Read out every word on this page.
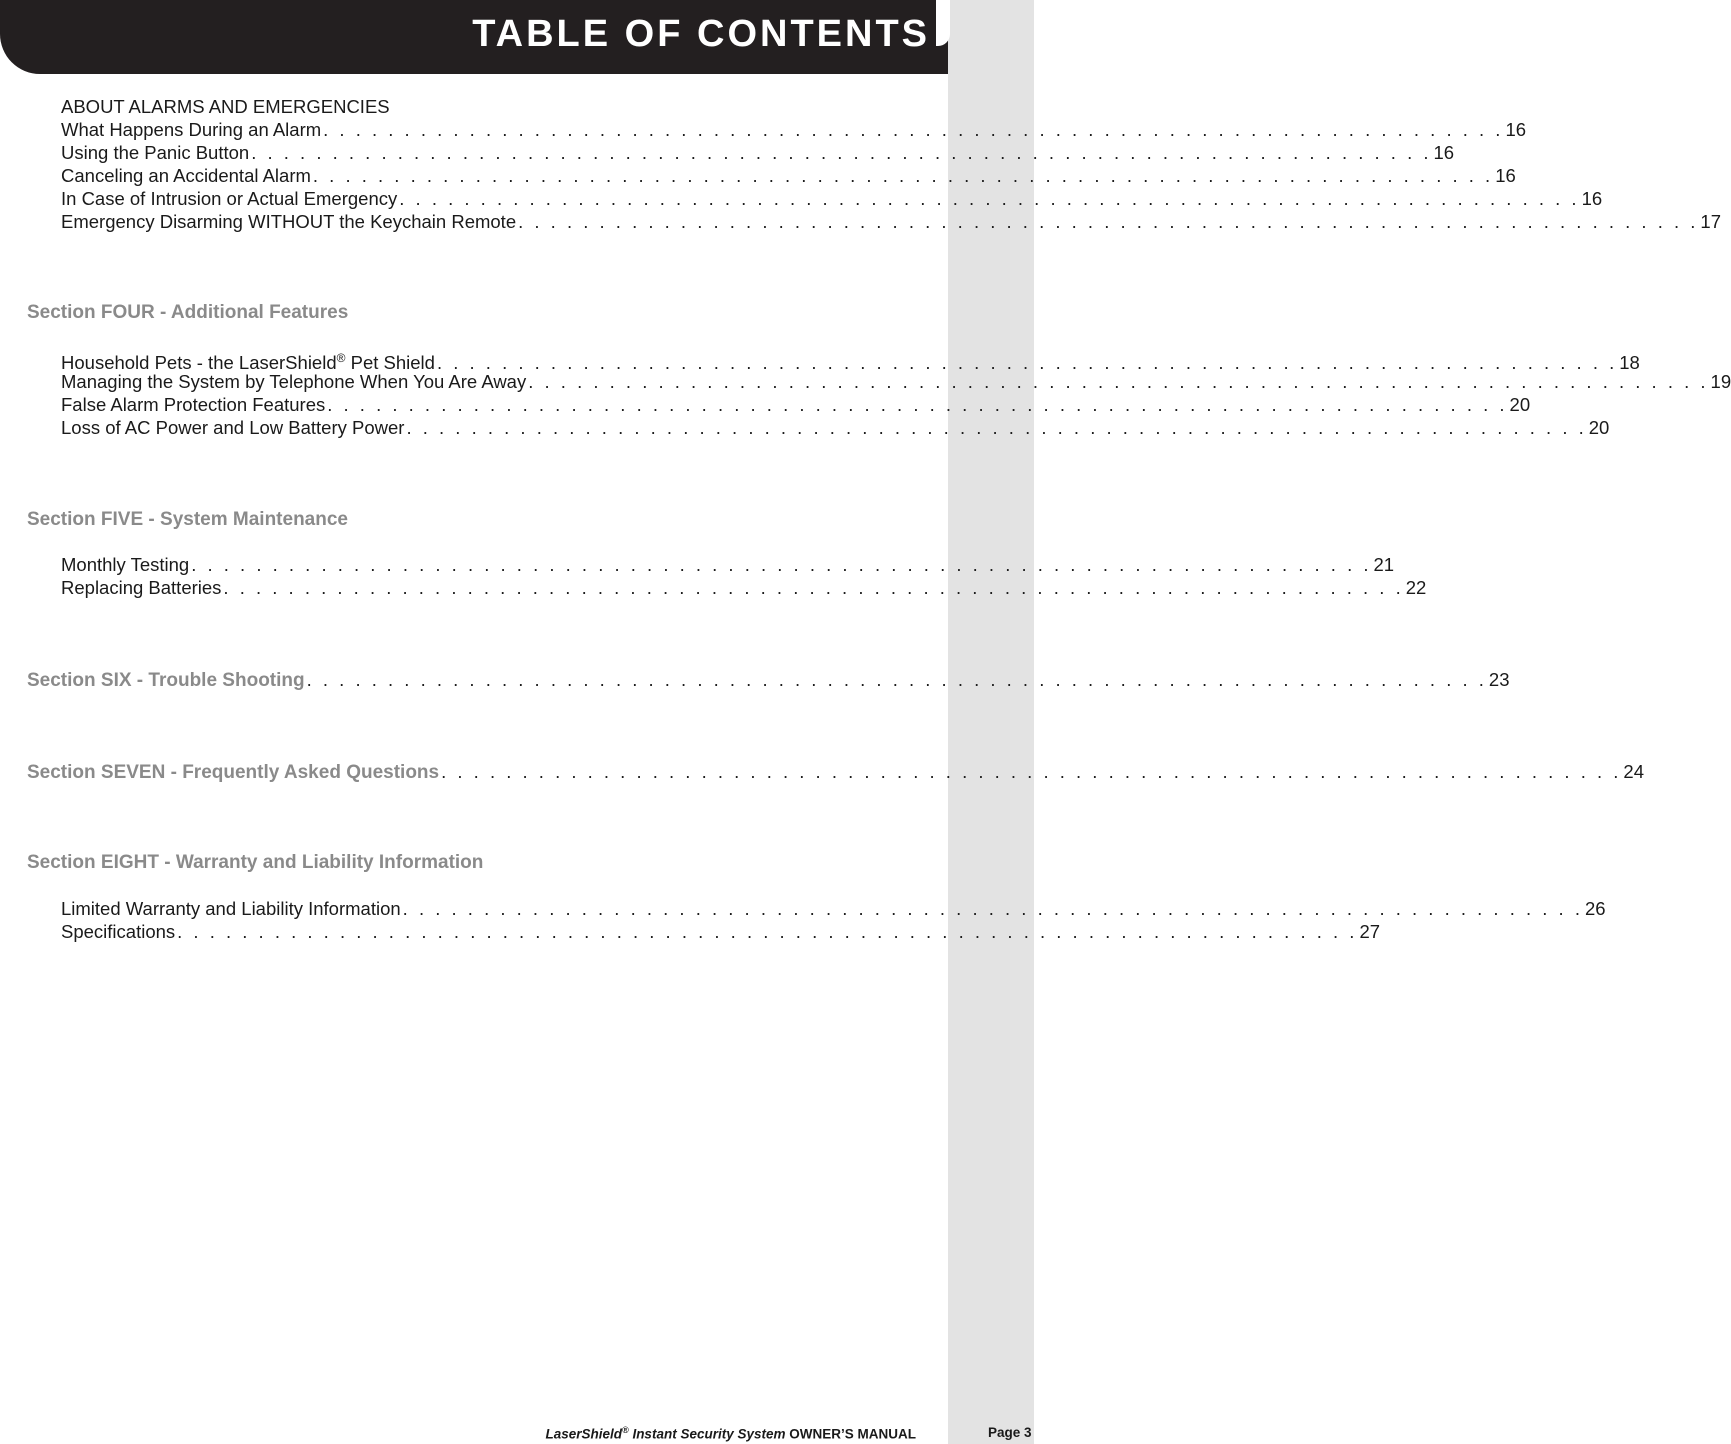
TABLE OF CONTENTS
ABOUT ALARMS AND EMERGENCIES
What Happens During an Alarm . . . . . . . . . . . . . . . . . . . . . . . . . . . . . . . . . . . . . . . . . . . . . . . . . . . . . . . . . . . . . . . . . . . . . . . . . 16
Using the Panic Button . . . . . . . . . . . . . . . . . . . . . . . . . . . . . . . . . . . . . . . . . . . . . . . . . . . . . . . . . . . . . . . . . . . . . . . . . 16
Canceling an Accidental Alarm . . . . . . . . . . . . . . . . . . . . . . . . . . . . . . . . . . . . . . . . . . . . . . . . . . . . . . . . . . . . . . . . . . . . . . . . . 16
In Case of Intrusion or Actual Emergency . . . . . . . . . . . . . . . . . . . . . . . . . . . . . . . . . . . . . . . . . . . . . . . . . . . . . . . . . . . . . . . . . . . . . . . . . 16
Emergency Disarming WITHOUT the Keychain Remote . . . . . . . . . . . . . . . . . . . . . . . . . . . . . . . . . . . . . . . . . . . . . . . . . . . . . . . . . . . . . . . . . . . . . . . . . 17
Section FOUR - Additional Features
Household Pets - the LaserShield® Pet Shield . . . . . . . . . . . . . . . . . . . . . . . . . . . . . . . . . . . . . . . . . . . . . . . . . . . . . . . . . . . . . . . . . . . . . . . . . 18
Managing the System by Telephone When You Are Away . . . . . . . . . . . . . . . . . . . . . . . . . . . . . . . . . . . . . . . . . . . . . . . . . . . . . . . . . . . . . . . . . . . . . . . . . 19
False Alarm Protection Features . . . . . . . . . . . . . . . . . . . . . . . . . . . . . . . . . . . . . . . . . . . . . . . . . . . . . . . . . . . . . . . . . . . . . . . . . 20
Loss of AC Power and Low Battery Power . . . . . . . . . . . . . . . . . . . . . . . . . . . . . . . . . . . . . . . . . . . . . . . . . . . . . . . . . . . . . . . . . . . . . . . . . 20
Section FIVE - System Maintenance
Monthly Testing . . . . . . . . . . . . . . . . . . . . . . . . . . . . . . . . . . . . . . . . . . . . . . . . . . . . . . . . . . . . . . . . . . . . . . . . . 21
Replacing Batteries . . . . . . . . . . . . . . . . . . . . . . . . . . . . . . . . . . . . . . . . . . . . . . . . . . . . . . . . . . . . . . . . . . . . . . . . . 22
Section SIX - Trouble Shooting . . . . . . . . . . . . . . . . . . . . . . . . . . . . . . . . . . . . . . . . . . . . . . . . . . . . . . . . . . . . . . . . . . . . . . . . . 23
Section SEVEN - Frequently Asked Questions . . . . . . . . . . . . . . . . . . . . . . . . . . . . . . . . . . . . . . . . . . . . . . . . . . . . . . . . . . . . . . . . . . . . . . . . . 24
Section EIGHT - Warranty and Liability Information
Limited Warranty and Liability Information . . . . . . . . . . . . . . . . . . . . . . . . . . . . . . . . . . . . . . . . . . . . . . . . . . . . . . . . . . . . . . . . . . . . . . . . . 26
Specifications . . . . . . . . . . . . . . . . . . . . . . . . . . . . . . . . . . . . . . . . . . . . . . . . . . . . . . . . . . . . . . . . . . . . . . . . . 27
LaserShield® Instant Security System OWNER’S MANUAL	Page 3
